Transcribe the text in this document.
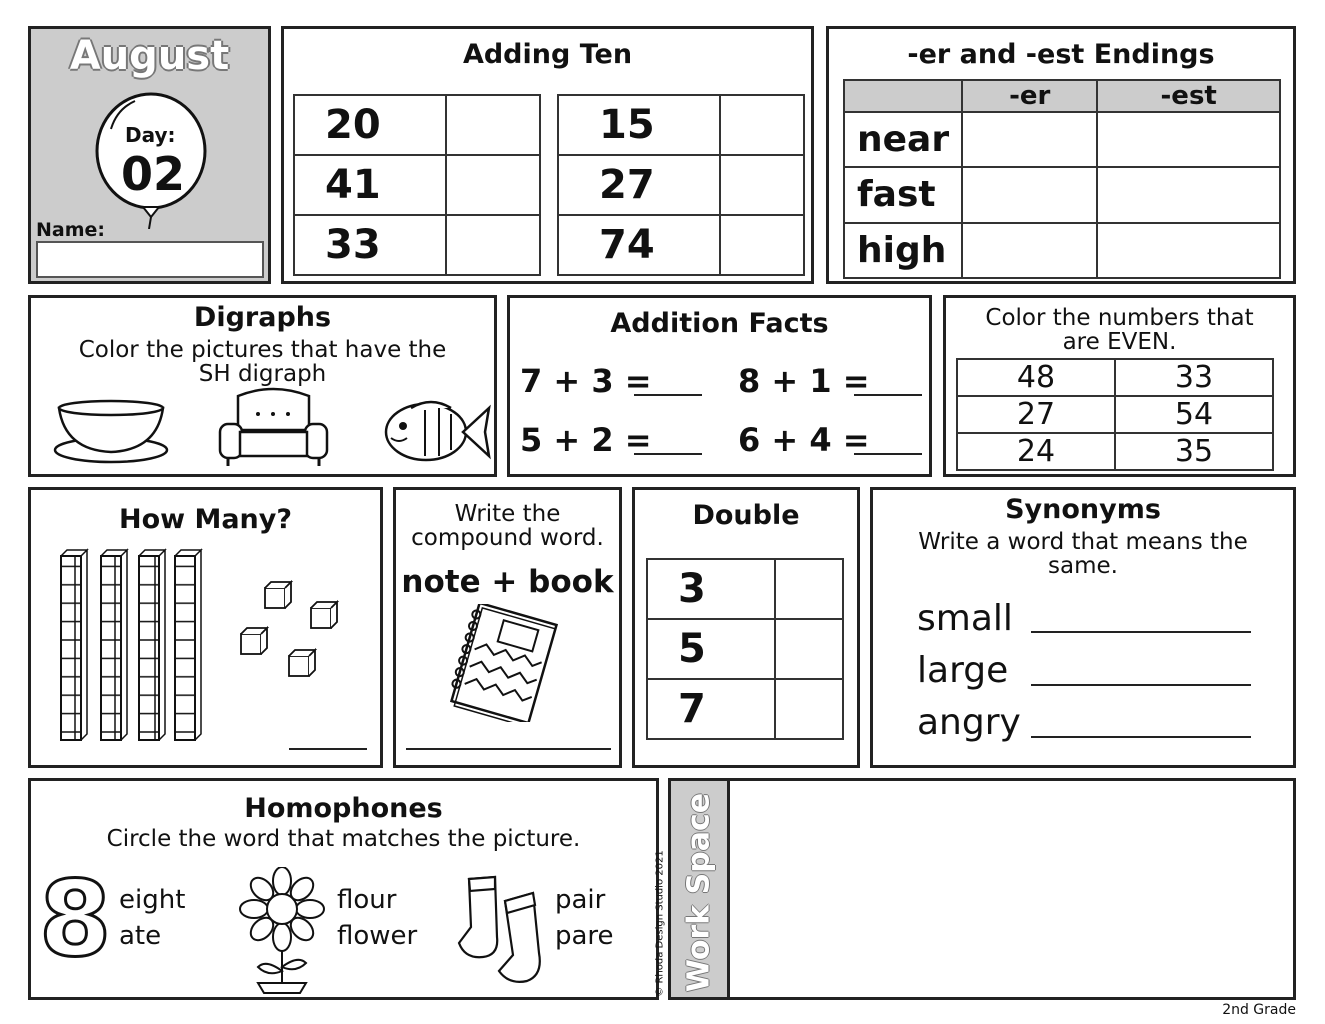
August
Day:
02
Name:
Adding Ten
20	
41	
33	
15	
27	
74	
-er and -est Endings
	-er	-est
near		
fast		
high		
Digraphs
Color the pictures that have the SH digraph
Addition Facts
7 + 3 =	8 + 1 =
5 + 2 =	6 + 4 =
Color the numbers that are EVEN.
48	33
27	54
24	35
How Many?	Write the compound word.
note + book
Double
3	
5	
7	
Synonyms
Write a word that means the same.
small
large
angry
Homophones
Circle the word that matches the picture.
8 eight
ate
flour
flower
pair
pare	© Rhoda Design Studio 2021 Work Space
2nd Grade
